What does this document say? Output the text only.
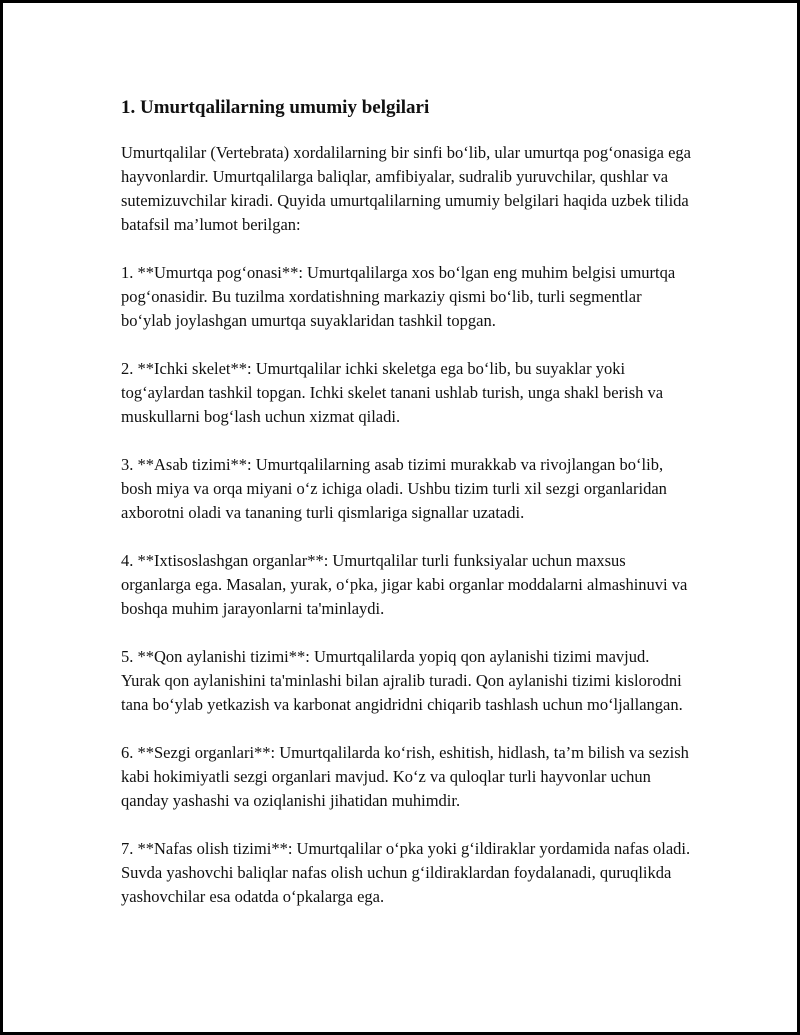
1. Umurtqalilarning umumiy belgilari

Umurtqalilar (Vertebrata) xordalilarning bir sinfi bo‘lib, ular umurtqa pog‘onasiga ega hayvonlardir. Umurtqalilarga baliqlar, amfibiyalar, sudralib yuruvchilar, qushlar va sutemizuvchilar kiradi. Quyida umurtqalilarning umumiy belgilari haqida uzbek tilida batafsil ma’lumot berilgan:

1. **Umurtqa pog‘onasi**: Umurtqalilarga xos bo‘lgan eng muhim belgisi umurtqa pog‘onasidir. Bu tuzilma xordatishning markaziy qismi bo‘lib, turli segmentlar bo‘ylab joylashgan umurtqa suyaklaridan tashkil topgan.

2. **Ichki skelet**: Umurtqalilar ichki skeletga ega bo‘lib, bu suyaklar yoki tog‘aylardan tashkil topgan. Ichki skelet tanani ushlab turish, unga shakl berish va muskullarni bog‘lash uchun xizmat qiladi.

3. **Asab tizimi**: Umurtqalilarning asab tizimi murakkab va rivojlangan bo‘lib, bosh miya va orqa miyani o‘z ichiga oladi. Ushbu tizim turli xil sezgi organlaridan axborotni oladi va tananing turli qismlariga signallar uzatadi.

4. **Ixtisoslashgan organlar**: Umurtqalilar turli funksiyalar uchun maxsus organlarga ega. Masalan, yurak, o‘pka, jigar kabi organlar moddalarni almashinuvi va boshqa muhim jarayonlarni ta'minlaydi.

5. **Qon aylanishi tizimi**: Umurtqalilarda yopiq qon aylanishi tizimi mavjud. Yurak qon aylanishini ta'minlashi bilan ajralib turadi. Qon aylanishi tizimi kislorodni tana bo‘ylab yetkazish va karbonat angidridni chiqarib tashlash uchun mo‘ljallangan.

6. **Sezgi organlari**: Umurtqalilarda ko‘rish, eshitish, hidlash, ta’m bilish va sezish kabi hokimiyatli sezgi organlari mavjud. Ko‘z va quloqlar turli hayvonlar uchun qanday yashashi va oziqlanishi jihatidan muhimdir.

7. **Nafas olish tizimi**: Umurtqalilar o‘pka yoki g‘ildiraklar yordamida nafas oladi. Suvda yashovchi baliqlar nafas olish uchun g‘ildiraklardan foydalanadi, quruqlikda yashovchilar esa odatda o‘pkalarga ega.
